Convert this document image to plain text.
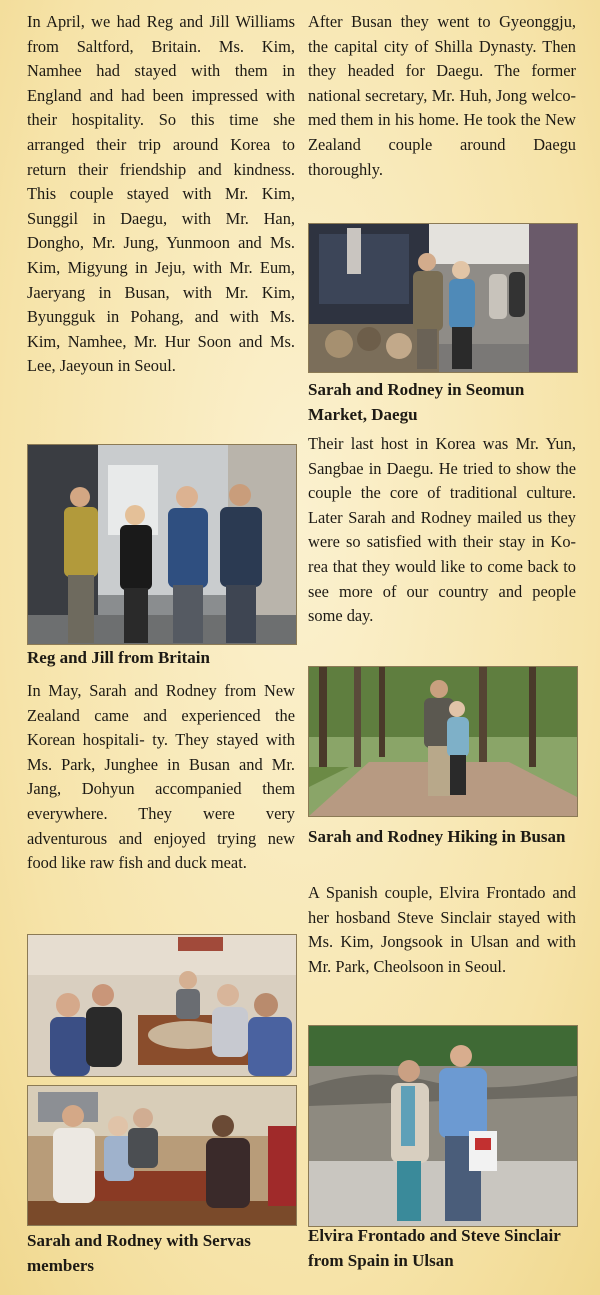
In April, we had Reg and Jill Williams from Saltford, Britain. Ms. Kim, Namhee had stayed with them in England and had been impressed with their hospitality. So this time she arranged their trip around Korea to return their friendship and kindness. This couple stayed with Mr. Kim, Sunggil in Daegu, with Mr. Han, Dongho, Mr. Jung, Yunmoon and Ms. Kim, Migyung in Jeju, with Mr. Eum, Jaeryang in Busan, with Mr. Kim, Byungguk in Pohang, and with Ms. Kim, Namhee, Mr. Hur Soon and Ms. Lee, Jaeyoun in Seoul.

Reg and Jill from Britain

In May, Sarah and Rodney from New Zealand came and experienced the Korean hospitali- ty. They stayed with Ms. Park, Junghee in Busan and Mr. Jang, Dohyun accompanied them everywhere. They were very adventurous and enjoyed trying new food like raw fish and duck meat.

Sarah and Rodney with Servas members

After Busan they went to Gyeonggju, the capital city of Shilla Dynasty. Then they headed for Daegu. The former national secretary, Mr. Huh, Jong welcomed them in his home. He took the New Zealand couple around Daegu thoroughly.

Sarah and Rodney in Seomun Market, Daegu

Their last host in Korea was Mr. Yun, Sangbae in Daegu. He tried to show the couple the core of traditional culture. Later Sarah and Rodney mailed us they were so satisfied with their stay in Korea that they would like to come back to see more of our country and people some day.

Sarah and Rodney Hiking in Busan

A Spanish couple, Elvira Frontado and her hosband Steve Sinclair stayed with Ms. Kim, Jongsook in Ulsan and with Mr. Park, Cheolsoon in Seoul.

Elvira Frontado and Steve Sinclair from Spain in Ulsan
